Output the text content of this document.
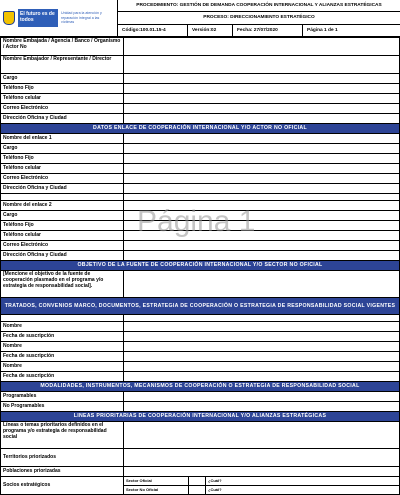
El futuro es de todos
Unidad para la atención y reparación integral a las víctimas
PROCEDIMIENTO: GESTIÓN DE DEMANDA COOPERACIÓN INTERNACIONAL Y ALIANZAS ESTRATÉGICAS
PROCESO: DIRECCIONAMIENTO ESTRATÉGICO
Código:100.01.15-4	Versión:02	Fecha: 27/07/2020	Página 1 de 1
Nombre Embajada / Agencia / Banco / Organismo / Actor No	
Nombre Embajador / Representante / Director	
Cargo	
Teléfono Fijo	
Teléfono celular	
Correo Electrónico	
Dirección Oficina y Ciudad	
DATOS ENLACE DE COOPERACIÓN INTERNACIONAL Y/O ACTOR NO OFICIAL	
Nombre del enlace 1	
Cargo	
Teléfono Fijo	
Teléfono celular	
Correo Electrónico	
Dirección Oficina y Ciudad	

Nombre del enlace 2	
Cargo	
Teléfono Fijo	
Teléfono celular	
Correo Electrónico	
Dirección Oficina y Ciudad	
OBJETIVO DE LA FUENTE DE COOPERACIÓN INTERNACIONAL Y/O SECTOR NO OFICIAL	
[Mencione el objetivo de la fuente de cooperación plasmado en el programa y/o estrategia de responsabilidad social].	
TRATADOS, CONVENIOS MARCO, DOCUMENTOS, ESTRATEGIA DE COOPERACIÓN O ESTRATEGIA DE RESPONSABILIDAD SOCIAL VIGENTES	

Nombre	
Fecha de suscripción	
Nombre	
Fecha de suscripción	
Nombre	
Fecha de suscripción	
MODALIDADES, INSTRUMENTOS, MECANISMOS DE COOPERACIÓN O ESTRATEGIA DE RESPONSABILIDAD SOCIAL	
Programables	
No Programables	
LINEAS PRIORITARIAS DE COOPERACIÓN INTERNACIONAL Y/O ALIANZAS ESTRATÉGICAS	
Líneas o temas prioritarios definidos en el programa y/o estrategia de responsabilidad social	
Territorios priorizados	
Poblaciones priorizadas	
Socios estratégicos	Sector Oficial ¿Cuál?
Sector No Oficial ¿Cuál?
Página 1
